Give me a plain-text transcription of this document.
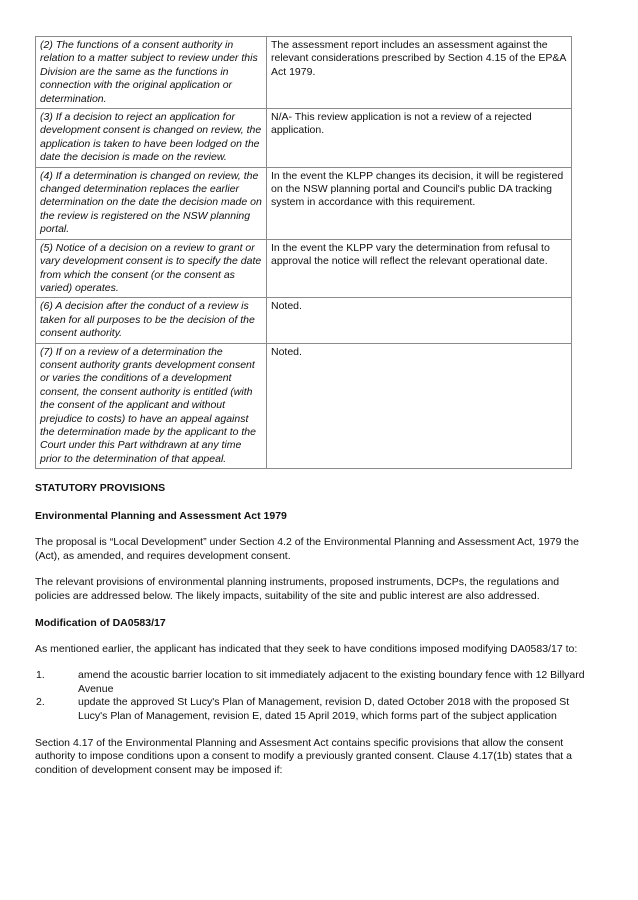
(2) The functions of a consent authority in relation to a matter subject to review under this Division are the same as the functions in connection with the original application or determination.	The assessment report includes an assessment against the relevant considerations prescribed by Section 4.15 of the EP&A Act 1979.
(3) If a decision to reject an application for development consent is changed on review, the application is taken to have been lodged on the date the decision is made on the review.	N/A- This review application is not a review of a rejected application.
(4) If a determination is changed on review, the changed determination replaces the earlier determination on the date the decision made on the review is registered on the NSW planning portal.	In the event the KLPP changes its decision, it will be registered on the NSW planning portal and Council's public DA tracking system in accordance with this requirement.
(5) Notice of a decision on a review to grant or vary development consent is to specify the date from which the consent (or the consent as varied) operates.	In the event the KLPP vary the determination from refusal to approval the notice will reflect the relevant operational date.
(6) A decision after the conduct of a review is taken for all purposes to be the decision of the consent authority.	Noted.
(7) If on a review of a determination the consent authority grants development consent or varies the conditions of a development consent, the consent authority is entitled (with the consent of the applicant and without prejudice to costs) to have an appeal against the determination made by the applicant to the Court under this Part withdrawn at any time prior to the determination of that appeal.	Noted.
STATUTORY PROVISIONS
Environmental Planning and Assessment Act 1979

The proposal is “Local Development” under Section 4.2 of the Environmental Planning and Assessment Act, 1979 the (Act), as amended, and requires development consent.

The relevant provisions of environmental planning instruments, proposed instruments, DCPs, the regulations and policies are addressed below. The likely impacts, suitability of the site and public interest are also addressed.

Modification of DA0583/17

As mentioned earlier, the applicant has indicated that they seek to have conditions imposed modifying DA0583/17 to:

1.	amend the acoustic barrier location to sit immediately adjacent to the existing boundary fence with 12 Billyard Avenue
2.	update the approved St Lucy's Plan of Management, revision D, dated October 2018 with the proposed St Lucy's Plan of Management, revision E, dated 15 April 2019, which forms part of the subject application

Section 4.17 of the Environmental Planning and Assesment Act contains specific provisions that allow the consent authority to impose conditions upon a consent to modify a previously granted consent. Clause 4.17(1b) states that a condition of development consent may be imposed if:
